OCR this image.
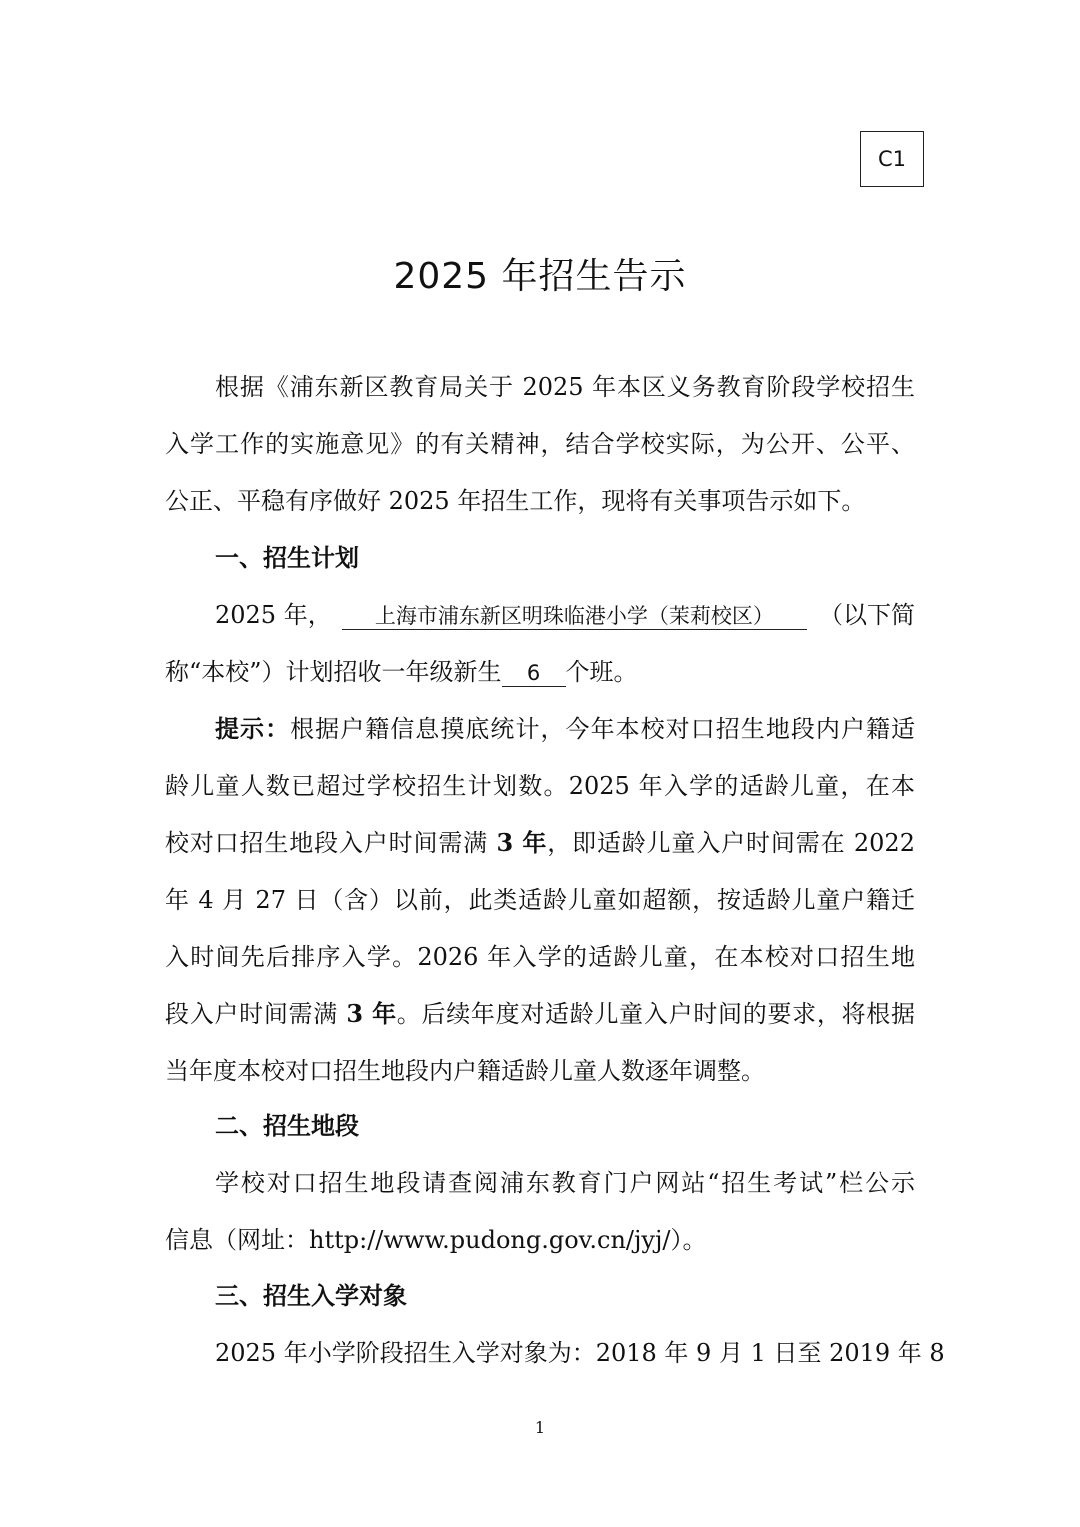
C1
2025 年招生告示
根据《浦东新区教育局关于 2025 年本区义务教育阶段学校招生
入学工作的实施意见》的有关精神，结合学校实际，为公开、公平、
公正、平稳有序做好 2025 年招生工作，现将有关事项告示如下。
一、招生计划
2025 年，	上海市浦东新区明珠临港小学（茉莉校区）	（以下简
称“本校”）计划招收一年级新生	6	个班。
提示：根据户籍信息摸底统计，今年本校对口招生地段内户籍适
龄儿童人数已超过学校招生计划数。2025 年入学的适龄儿童，在本
校对口招生地段入户时间需满 3 年，即适龄儿童入户时间需在 2022
年 4 月 27 日（含）以前，此类适龄儿童如超额，按适龄儿童户籍迁
入时间先后排序入学。2026 年入学的适龄儿童，在本校对口招生地
段入户时间需满 3 年。后续年度对适龄儿童入户时间的要求，将根据
当年度本校对口招生地段内户籍适龄儿童人数逐年调整。
二、招生地段
学校对口招生地段请查阅浦东教育门户网站“招生考试”栏公示
信息（网址：http://www.pudong.gov.cn/jyj/）。
三、招生入学对象
2025 年小学阶段招生入学对象为：2018 年 9 月 1 日至 2019 年 8
1
